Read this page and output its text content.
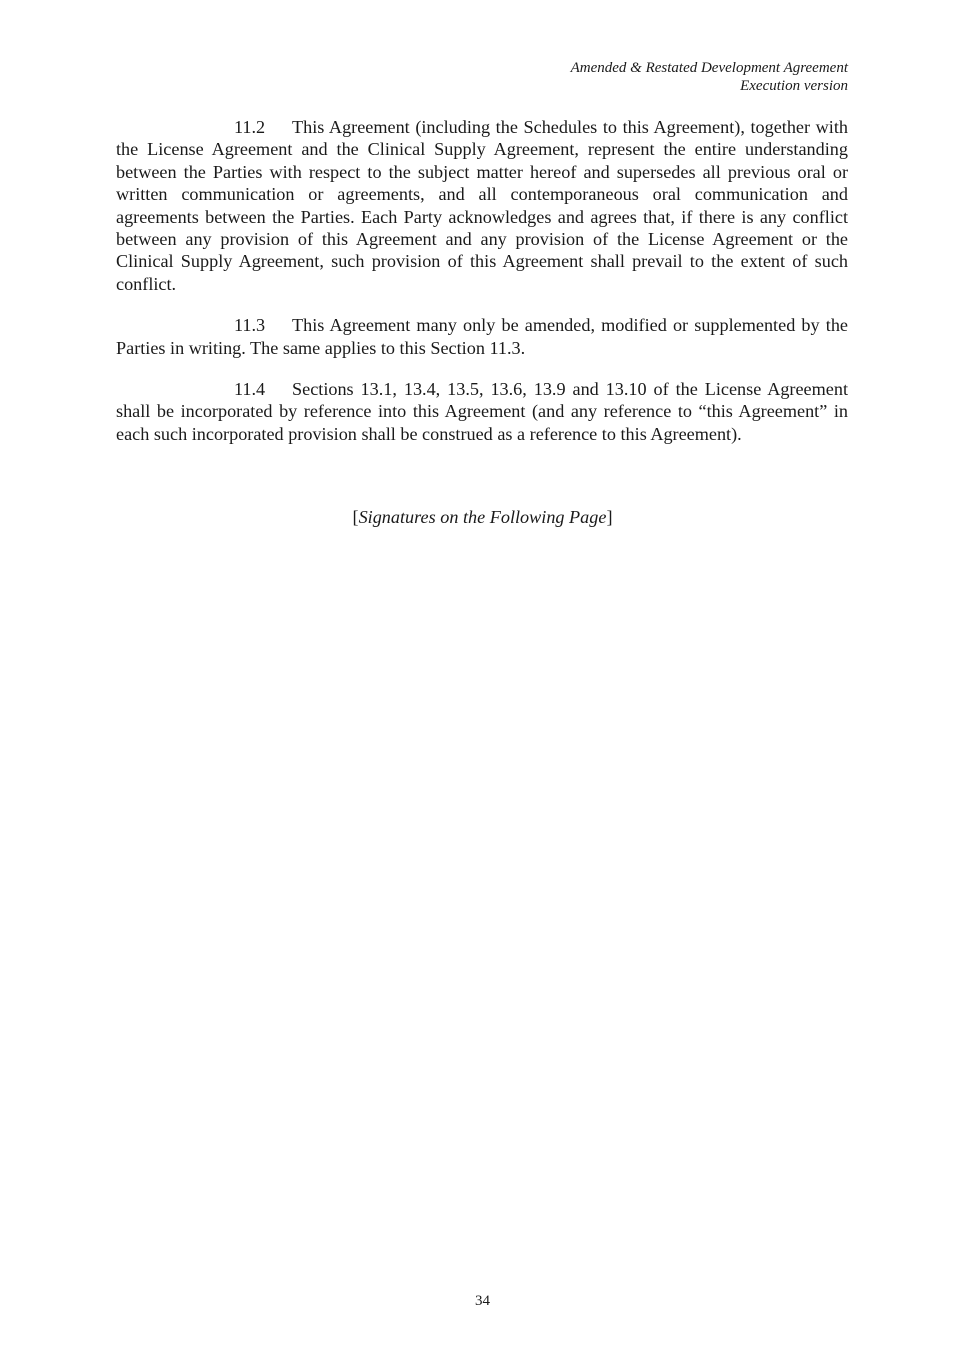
Amended & Restated Development Agreement
Execution version

11.2 This Agreement (including the Schedules to this Agreement), together with the License Agreement and the Clinical Supply Agreement, represent the entire understanding between the Parties with respect to the subject matter hereof and supersedes all previous oral or written communication or agreements, and all contemporaneous oral communication and agreements between the Parties. Each Party acknowledges and agrees that, if there is any conflict between any provision of this Agreement and any provision of the License Agreement or the Clinical Supply Agreement, such provision of this Agreement shall prevail to the extent of such conflict.

11.3 This Agreement many only be amended, modified or supplemented by the Parties in writing. The same applies to this Section 11.3.

11.4 Sections 13.1, 13.4, 13.5, 13.6, 13.9 and 13.10 of the License Agreement shall be incorporated by reference into this Agreement (and any reference to “this Agreement” in each such incorporated provision shall be construed as a reference to this Agreement).

[Signatures on the Following Page]
34
